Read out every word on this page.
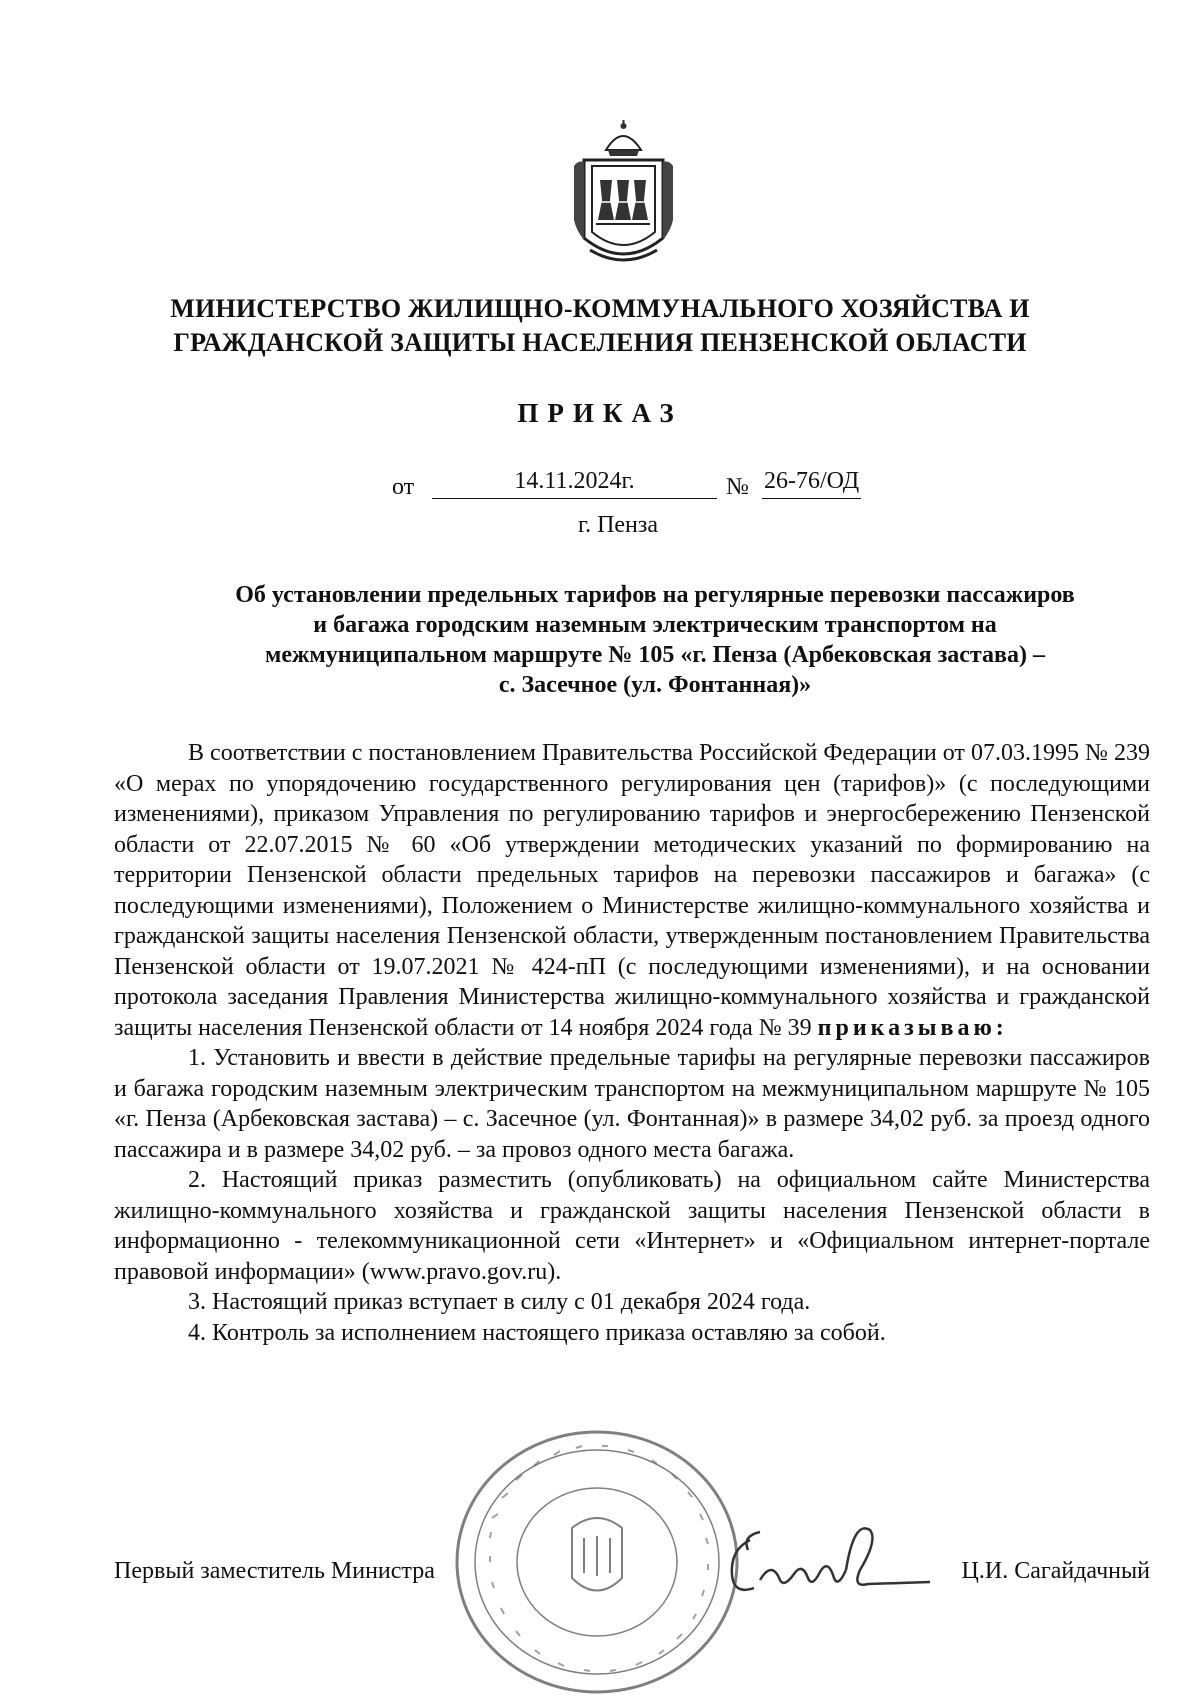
МИНИСТЕРСТВО ЖИЛИЩНО-КОММУНАЛЬНОГО ХОЗЯЙСТВА И
ГРАЖДАНСКОЙ ЗАЩИТЫ НАСЕЛЕНИЯ ПЕНЗЕНСКОЙ ОБЛАСТИ
ПРИКАЗ
от	14.11.2024г.	№ 26-76/ОД
г. Пенза
Об установлении предельных тарифов на регулярные перевозки пассажиров
и багажа городским наземным электрическим транспортом на
межмуниципальном маршруте № 105 «г. Пенза (Арбековская застава) –
с. Засечное (ул. Фонтанная)»

В соответствии с постановлением Правительства Российской Федерации от 07.03.1995 № 239 «О мерах по упорядочению государственного регулирования цен (тарифов)» (с последующими изменениями), приказом Управления по регулированию тарифов и энергосбережению Пензенской области от 22.07.2015 № 60 «Об утверждении методических указаний по формированию на территории Пензенской области предельных тарифов на перевозки пассажиров и багажа» (с последующими изменениями), Положением о Министерстве жилищно-коммунального хозяйства и гражданской защиты населения Пензенской области, утвержденным постановлением Правительства Пензенской области от 19.07.2021 № 424-пП (с последующими изменениями), и на основании протокола заседания Правления Министерства жилищно-коммунального хозяйства и гражданской защиты населения Пензенской области от 14 ноября 2024 года № 39 приказываю:

1. Установить и ввести в действие предельные тарифы на регулярные перевозки пассажиров и багажа городским наземным электрическим транспортом на межмуниципальном маршруте № 105 «г. Пенза (Арбековская застава) – с. Засечное (ул. Фонтанная)» в размере 34,02 руб. за проезд одного пассажира и в размере 34,02 руб. – за провоз одного места багажа.

2. Настоящий приказ разместить (опубликовать) на официальном сайте Министерства жилищно-коммунального хозяйства и гражданской защиты населения Пензенской области в информационно - телекоммуникационной сети «Интернет» и «Официальном интернет-портале правовой информации» (www.pravo.gov.ru).

3. Настоящий приказ вступает в силу с 01 декабря 2024 года.

4. Контроль за исполнением настоящего приказа оставляю за собой.

Первый заместитель Министра	Ц.И. Сагайдачный
